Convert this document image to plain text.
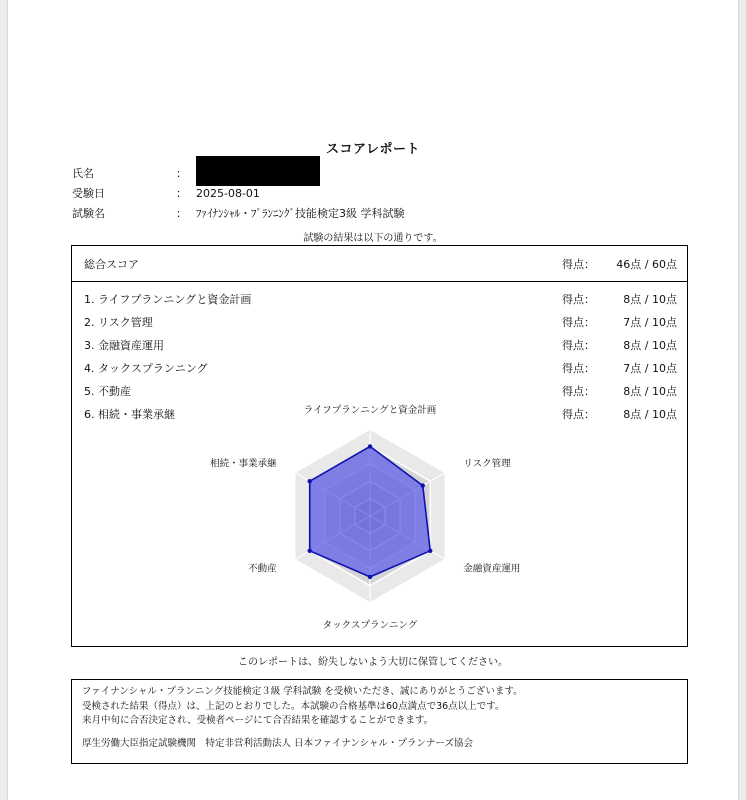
スコアレポート
氏名	：
受験日	： 2025-08-01
試験名	： ﾌｧｲﾅﾝｼｬﾙ・ﾌﾟﾗﾝﾆﾝｸﾞ技能検定3級 学科試験
試験の結果は以下の通りです。
総合スコア	得点： 46点 / 60点
1. ライフプランニングと資金計画	得点：	8点 / 10点
2. リスク管理	得点：	7点 / 10点
3. 金融資産運用	得点：	8点 / 10点
4. タックスプランニング	得点：	7点 / 10点
5. 不動産	得点：	8点 / 10点
6. 相続・事業承継	得点：	8点 / 10点
ライフプランニングと資金計画
リスク管理
金融資産運用
タックスプランニング
不動産
相続・事業承継
このレポートは、紛失しないよう大切に保管してください。
ファイナンシャル・プランニング技能検定３級 学科試験 を受検いただき、誠にありがとうございます。
受検された結果（得点）は、上記のとおりでした。本試験の合格基準は60点満点で36点以上です。
来月中旬に合否決定され、受検者ページにて合否結果を確認することができます。
厚生労働大臣指定試験機関　特定非営利活動法人 日本ファイナンシャル・プランナーズ協会
